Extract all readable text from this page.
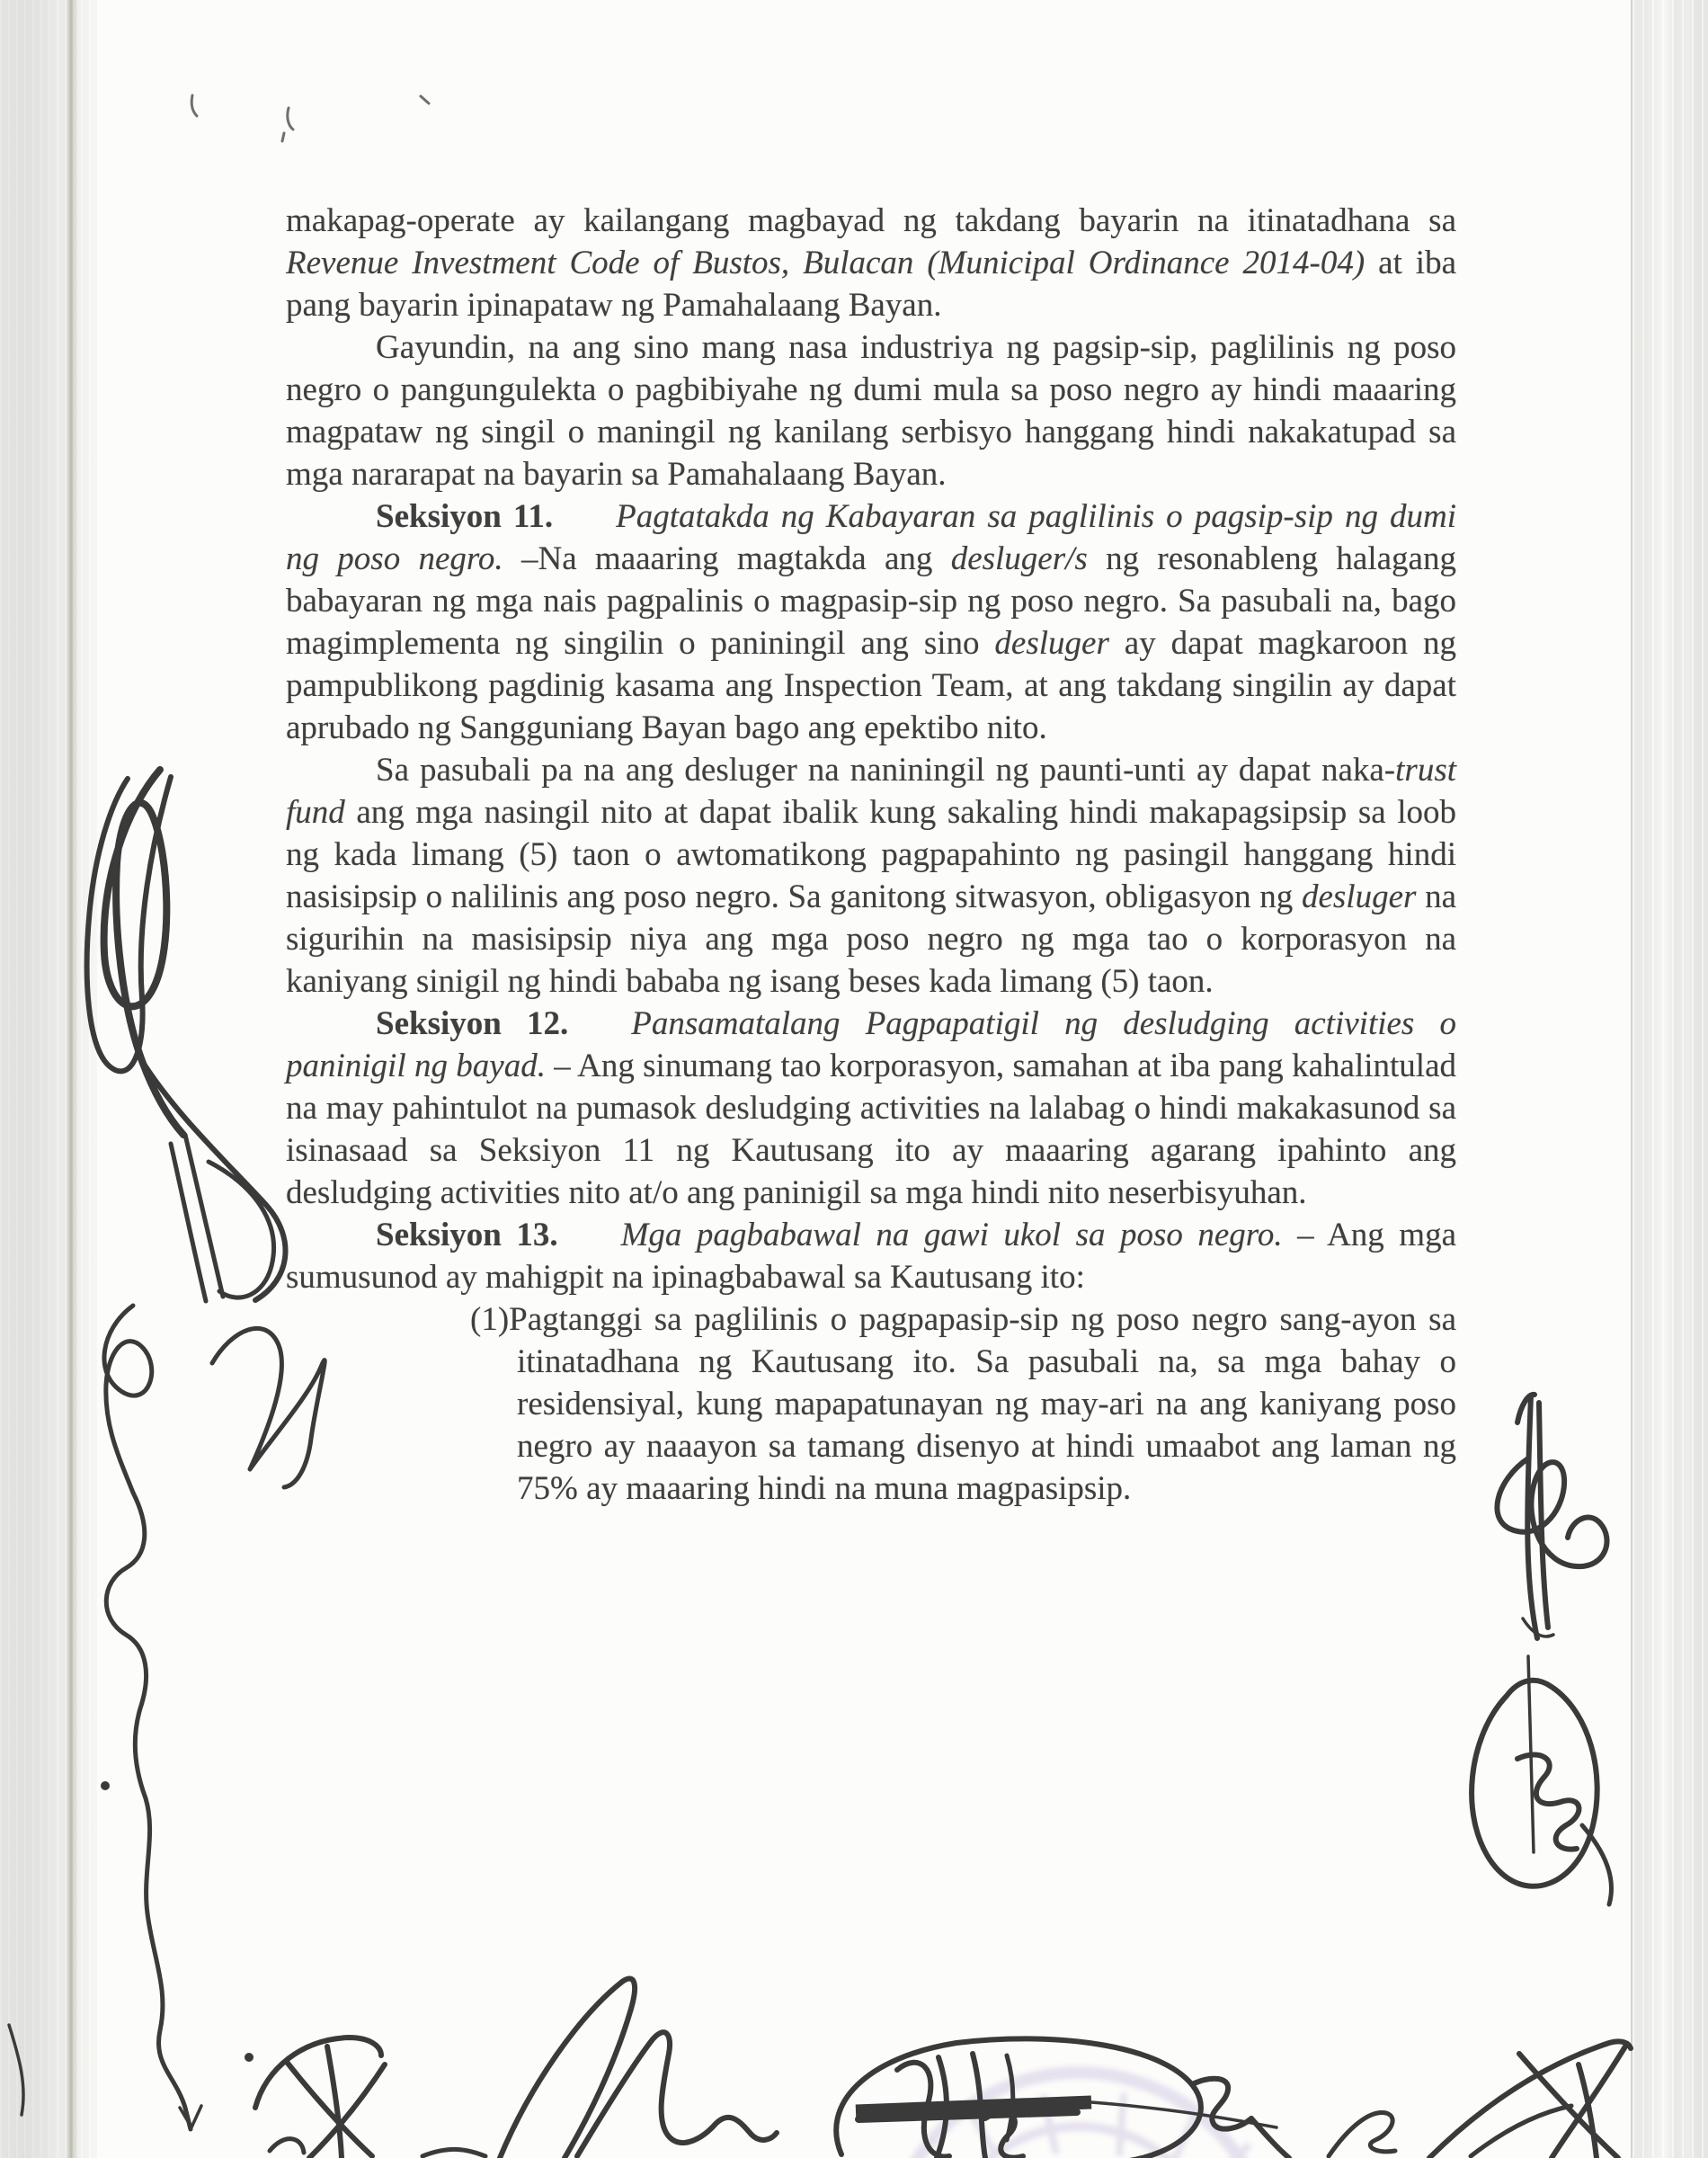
makapag-operate ay kailangang magbayad ng takdang bayarin na itinatadhana sa Revenue Investment Code of Bustos, Bulacan (Municipal Ordinance 2014-04) at iba pang bayarin ipinapataw ng Pamahalaang Bayan.

Gayundin, na ang sino mang nasa industriya ng pagsip-sip, paglilinis ng poso negro o pangungulekta o pagbibiyahe ng dumi mula sa poso negro ay hindi maaaring magpataw ng singil o maningil ng kanilang serbisyo hanggang hindi nakakatupad sa mga nararapat na bayarin sa Pamahalaang Bayan.

Seksiyon 11. Pagtatakda ng Kabayaran sa paglilinis o pagsip-sip ng dumi ng poso negro. –Na maaaring magtakda ang desluger/s ng resonableng halagang babayaran ng mga nais pagpalinis o magpasip-sip ng poso negro. Sa pasubali na, bago magimplementa ng singilin o paniningil ang sino desluger ay dapat magkaroon ng pampublikong pagdinig kasama ang Inspection Team, at ang takdang singilin ay dapat aprubado ng Sangguniang Bayan bago ang epektibo nito.

Sa pasubali pa na ang desluger na naniningil ng paunti-unti ay dapat naka-trust fund ang mga nasingil nito at dapat ibalik kung sakaling hindi makapagsipsip sa loob ng kada limang (5) taon o awtomatikong pagpapahinto ng pasingil hanggang hindi nasisipsip o nalilinis ang poso negro. Sa ganitong sitwasyon, obligasyon ng desluger na sigurihin na masisipsip niya ang mga poso negro ng mga tao o korporasyon na kaniyang sinigil ng hindi bababa ng isang beses kada limang (5) taon.

Seksiyon 12. Pansamatalang Pagpapatigil ng desludging activities o paninigil ng bayad. – Ang sinumang tao korporasyon, samahan at iba pang kahalintulad na may pahintulot na pumasok desludging activities na lalabag o hindi makakasunod sa isinasaad sa Seksiyon 11 ng Kautusang ito ay maaaring agarang ipahinto ang desludging activities nito at/o ang paninigil sa mga hindi nito neserbisyuhan.

Seksiyon 13. Mga pagbabawal na gawi ukol sa poso negro. – Ang mga sumusunod ay mahigpit na ipinagbabawal sa Kautusang ito:

(1)Pagtanggi sa paglilinis o pagpapasip-sip ng poso negro sang-ayon sa itinatadhana ng Kautusang ito. Sa pasubali na, sa mga bahay o residensiyal, kung mapapatunayan ng may-ari na ang kaniyang poso negro ay naaayon sa tamang disenyo at hindi umaabot ang laman ng 75% ay maaaring hindi na muna magpasipsip.
